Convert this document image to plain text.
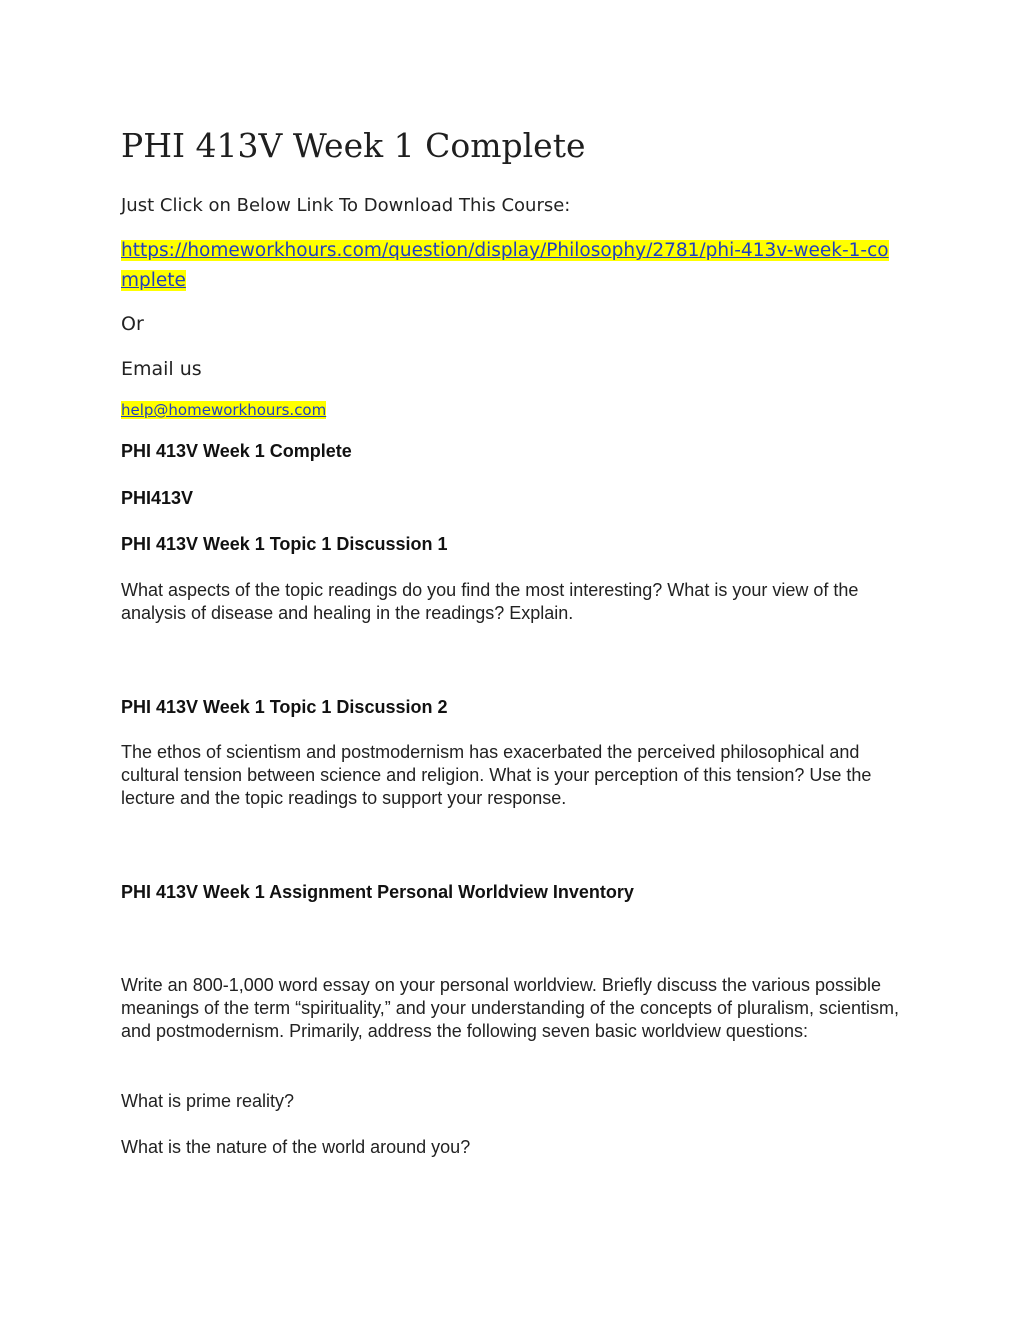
PHI 413V Week 1 Complete

Just Click on Below Link To Download This Course:

https://homeworkhours.com/question/display/Philosophy/2781/phi-413v-week-1-complete

Or

Email us

help@homeworkhours.com

PHI 413V Week 1 Complete

PHI413V

PHI 413V Week 1 Topic 1 Discussion 1

What aspects of the topic readings do you find the most interesting? What is your view of the analysis of disease and healing in the readings? Explain.

PHI 413V Week 1 Topic 1 Discussion 2

The ethos of scientism and postmodernism has exacerbated the perceived philosophical and cultural tension between science and religion. What is your perception of this tension? Use the lecture and the topic readings to support your response.

PHI 413V Week 1 Assignment Personal Worldview Inventory

Write an 800-1,000 word essay on your personal worldview. Briefly discuss the various possible meanings of the term “spirituality,” and your understanding of the concepts of pluralism, scientism, and postmodernism. Primarily, address the following seven basic worldview questions:

What is prime reality?

What is the nature of the world around you?
